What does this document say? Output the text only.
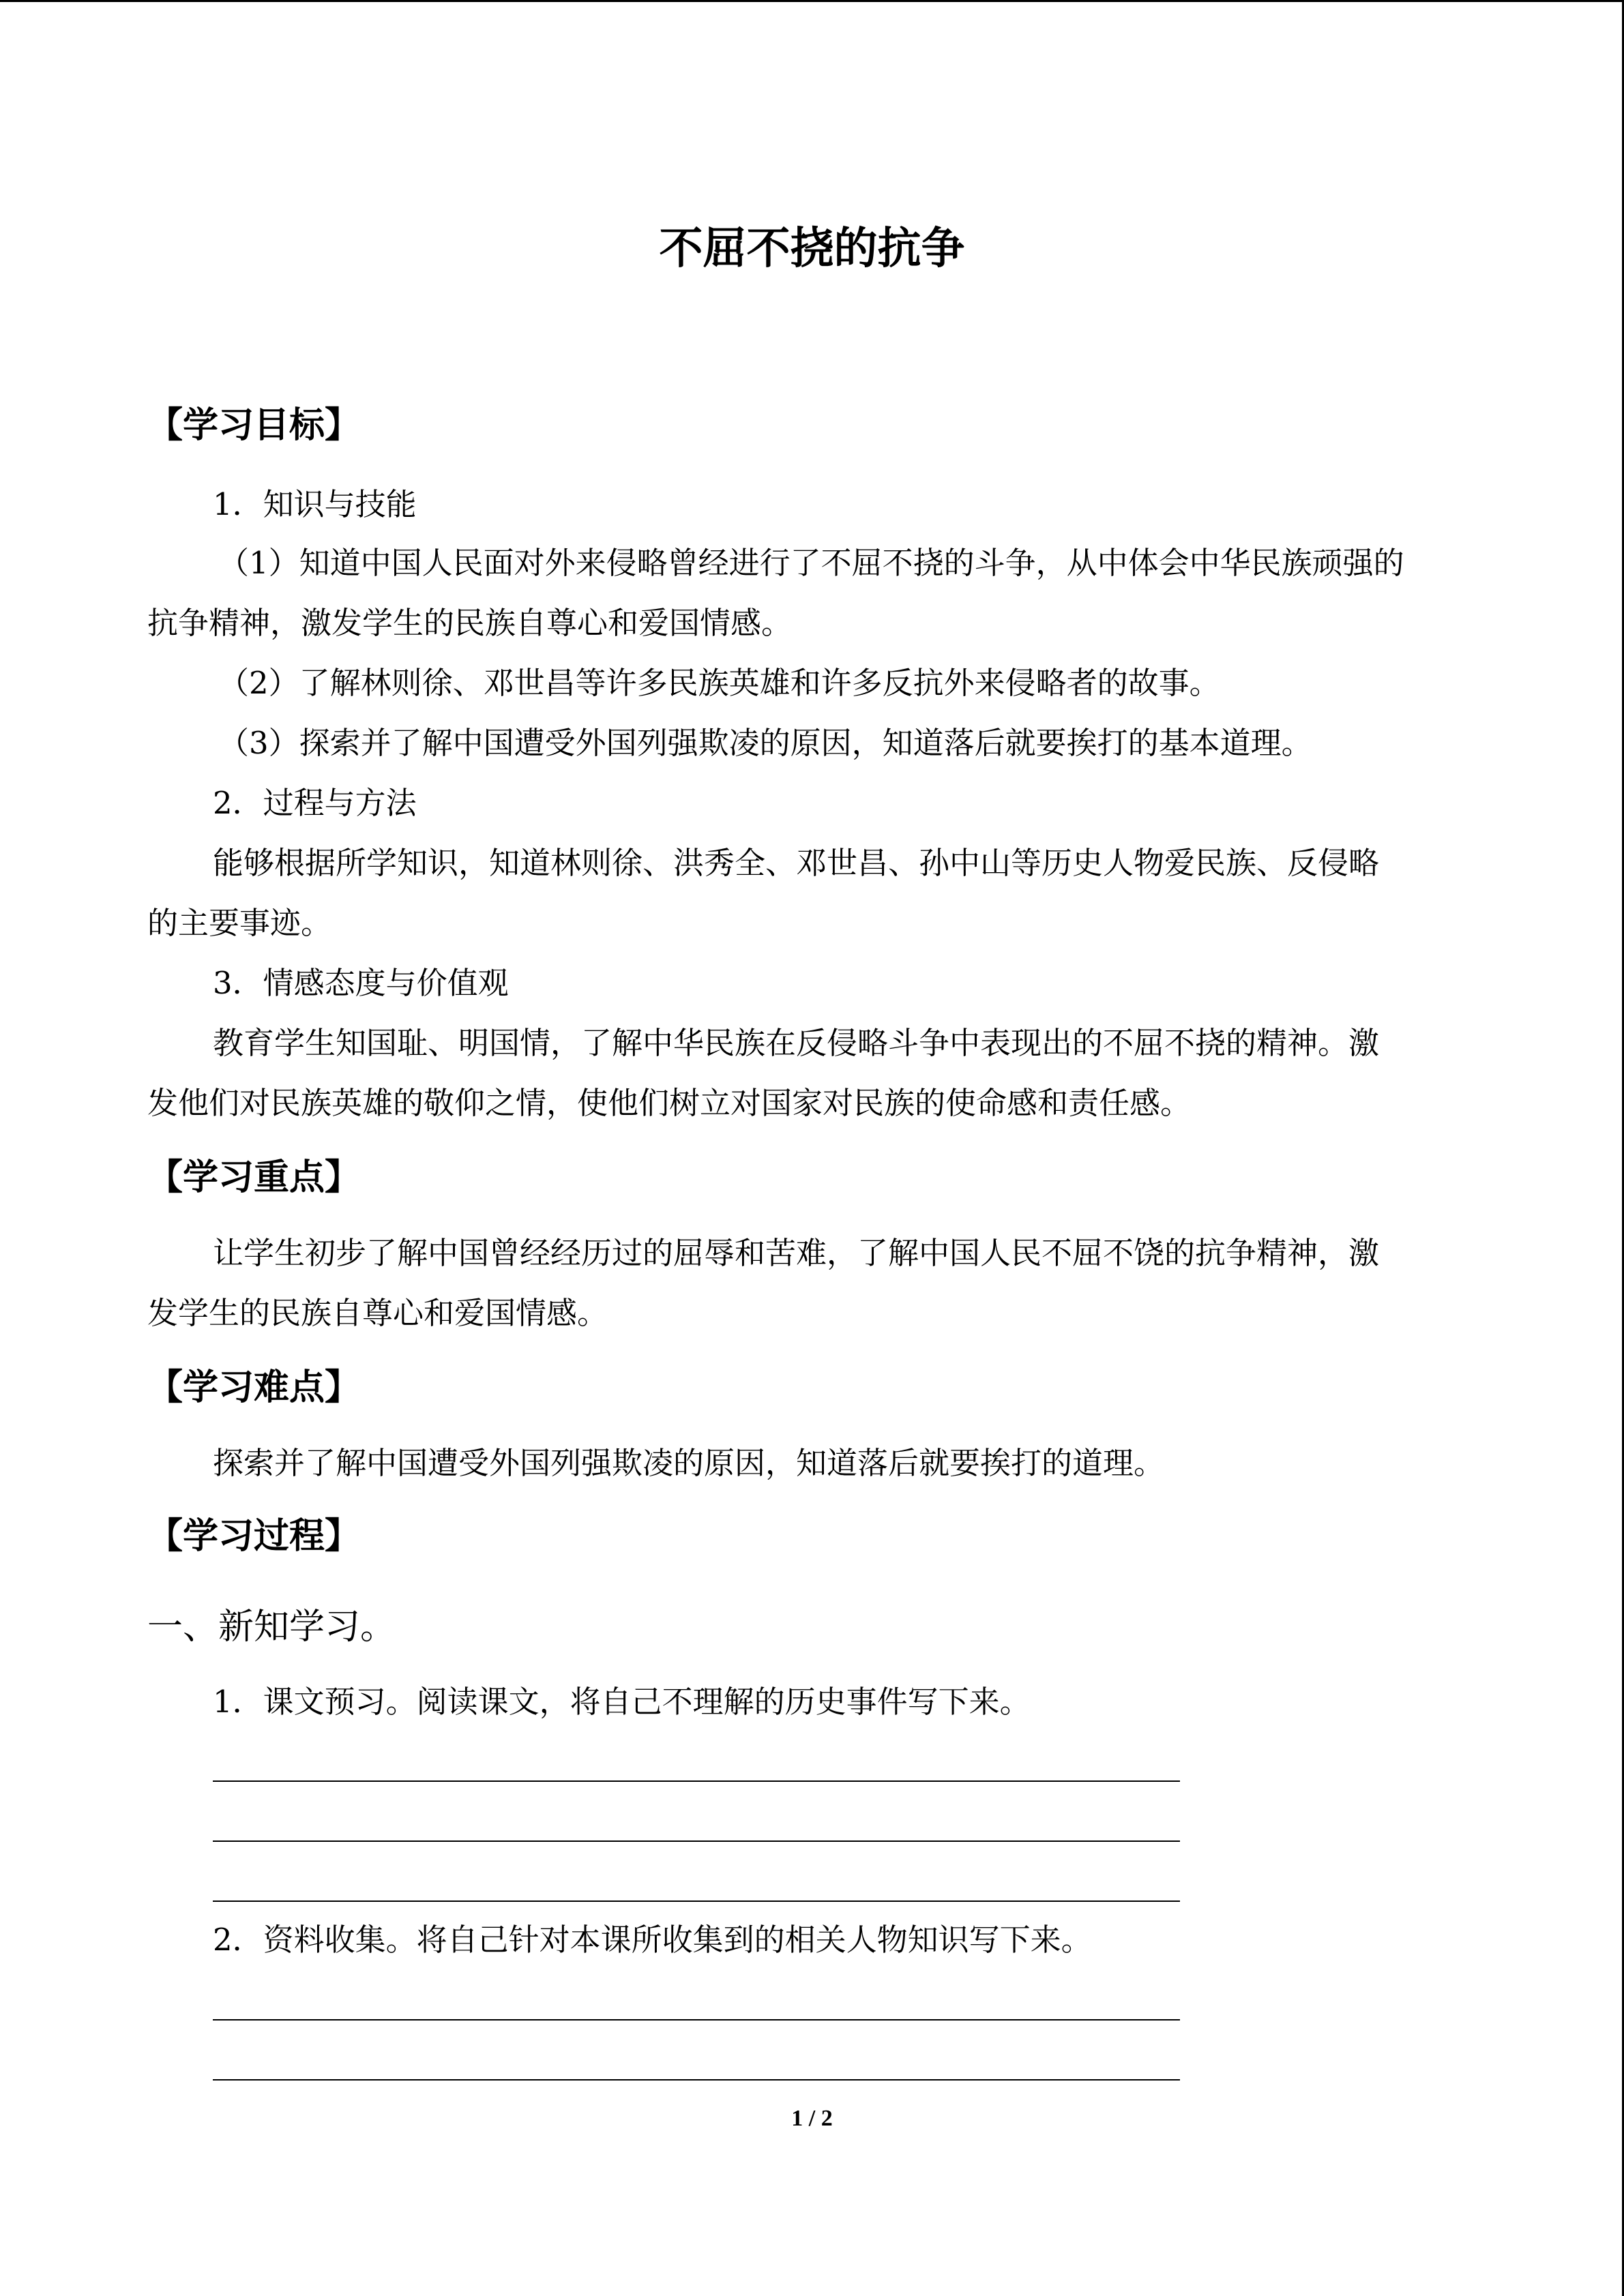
不屈不挠的抗争
【学习目标】
1．知识与技能
（1）知道中国人民面对外来侵略曾经进行了不屈不挠的斗争，从中体会中华民族顽强的
抗争精神，激发学生的民族自尊心和爱国情感。
（2）了解林则徐、邓世昌等许多民族英雄和许多反抗外来侵略者的故事。
（3）探索并了解中国遭受外国列强欺凌的原因，知道落后就要挨打的基本道理。
2．过程与方法
能够根据所学知识，知道林则徐、洪秀全、邓世昌、孙中山等历史人物爱民族、反侵略
的主要事迹。
3．情感态度与价值观
教育学生知国耻、明国情，了解中华民族在反侵略斗争中表现出的不屈不挠的精神。激
发他们对民族英雄的敬仰之情，使他们树立对国家对民族的使命感和责任感。
【学习重点】
让学生初步了解中国曾经经历过的屈辱和苦难，了解中国人民不屈不饶的抗争精神，激
发学生的民族自尊心和爱国情感。
【学习难点】
探索并了解中国遭受外国列强欺凌的原因，知道落后就要挨打的道理。
【学习过程】
一、新知学习。
1．课文预习。阅读课文，将自己不理解的历史事件写下来。
2．资料收集。将自己针对本课所收集到的相关人物知识写下来。
1 / 2
